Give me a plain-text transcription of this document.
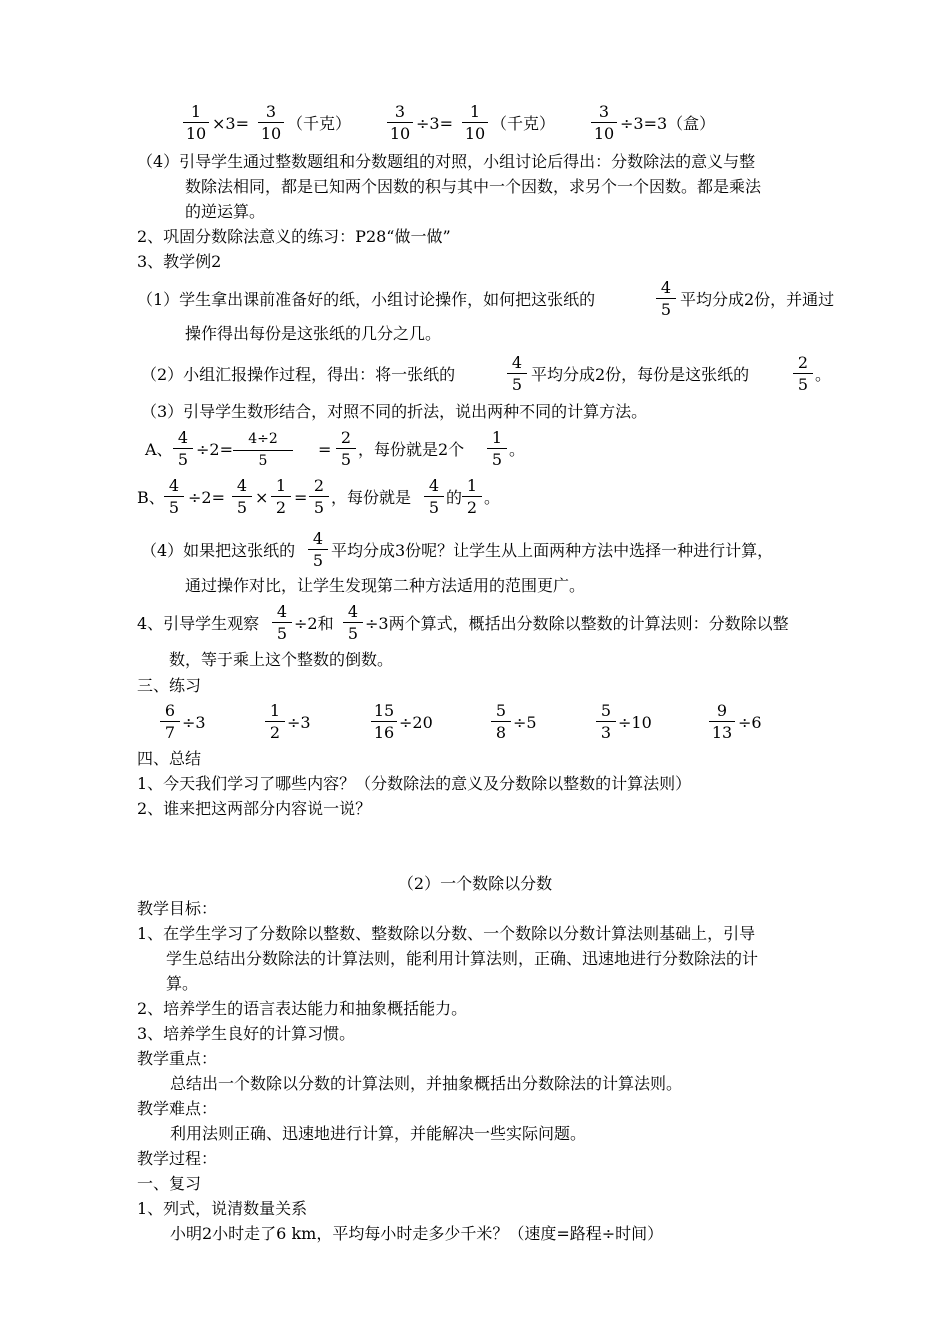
1
10
×3=
3
10
（千克）
3
10
÷3=
1
10
（千克）
3
10
÷3=3（盒）
（4）引导学生通过整数题组和分数题组的对照，小组讨论后得出：分数除法的意义与整
数除法相同，都是已知两个因数的积与其中一个因数，求另个一个因数。都是乘法
的逆运算。
2、巩固分数除法意义的练习：P28“做一做”
3、教学例2
（1）学生拿出课前准备好的纸，小组讨论操作，如何把这张纸的
4
5
平均分成2份，并通过
操作得出每份是这张纸的几分之几。
（2）小组汇报操作过程，得出：将一张纸的
4
5
平均分成2份，每份是这张纸的
2
5
。
（3）引导学生数形结合，对照不同的折法，说出两种不同的计算方法。
A、
4
5
÷2=
4÷2
5
=
2
5
，每份就是2个
1
5
。
B、
4
5
÷2=
4
5
×
1
2
=
2
5
，每份就是
4
5
的
1
2
。
（4）如果把这张纸的
4
5
平均分成3份呢？让学生从上面两种方法中选择一种进行计算，
通过操作对比，让学生发现第二种方法适用的范围更广。
4、引导学生观察
4
5
÷2和
4
5
÷3两个算式，概括出分数除以整数的计算法则：分数除以整
数，等于乘上这个整数的倒数。
三、练习
6
7
÷3
1
2
÷3
15
16
÷20
5
8
÷5
5
3
÷10
9
13
÷6
四、总结
1、今天我们学习了哪些内容？（分数除法的意义及分数除以整数的计算法则）
2、谁来把这两部分内容说一说？
（2）一个数除以分数
教学目标：
1、在学生学习了分数除以整数、整数除以分数、一个数除以分数计算法则基础上，引导
学生总结出分数除法的计算法则，能利用计算法则，正确、迅速地进行分数除法的计
算。
2、培养学生的语言表达能力和抽象概括能力。
3、培养学生良好的计算习惯。
教学重点：
总结出一个数除以分数的计算法则，并抽象概括出分数除法的计算法则。
教学难点：
利用法则正确、迅速地进行计算，并能解决一些实际问题。
教学过程：
一、复习
1、列式，说清数量关系
小明2小时走了6 km，平均每小时走多少千米？（速度=路程÷时间）
